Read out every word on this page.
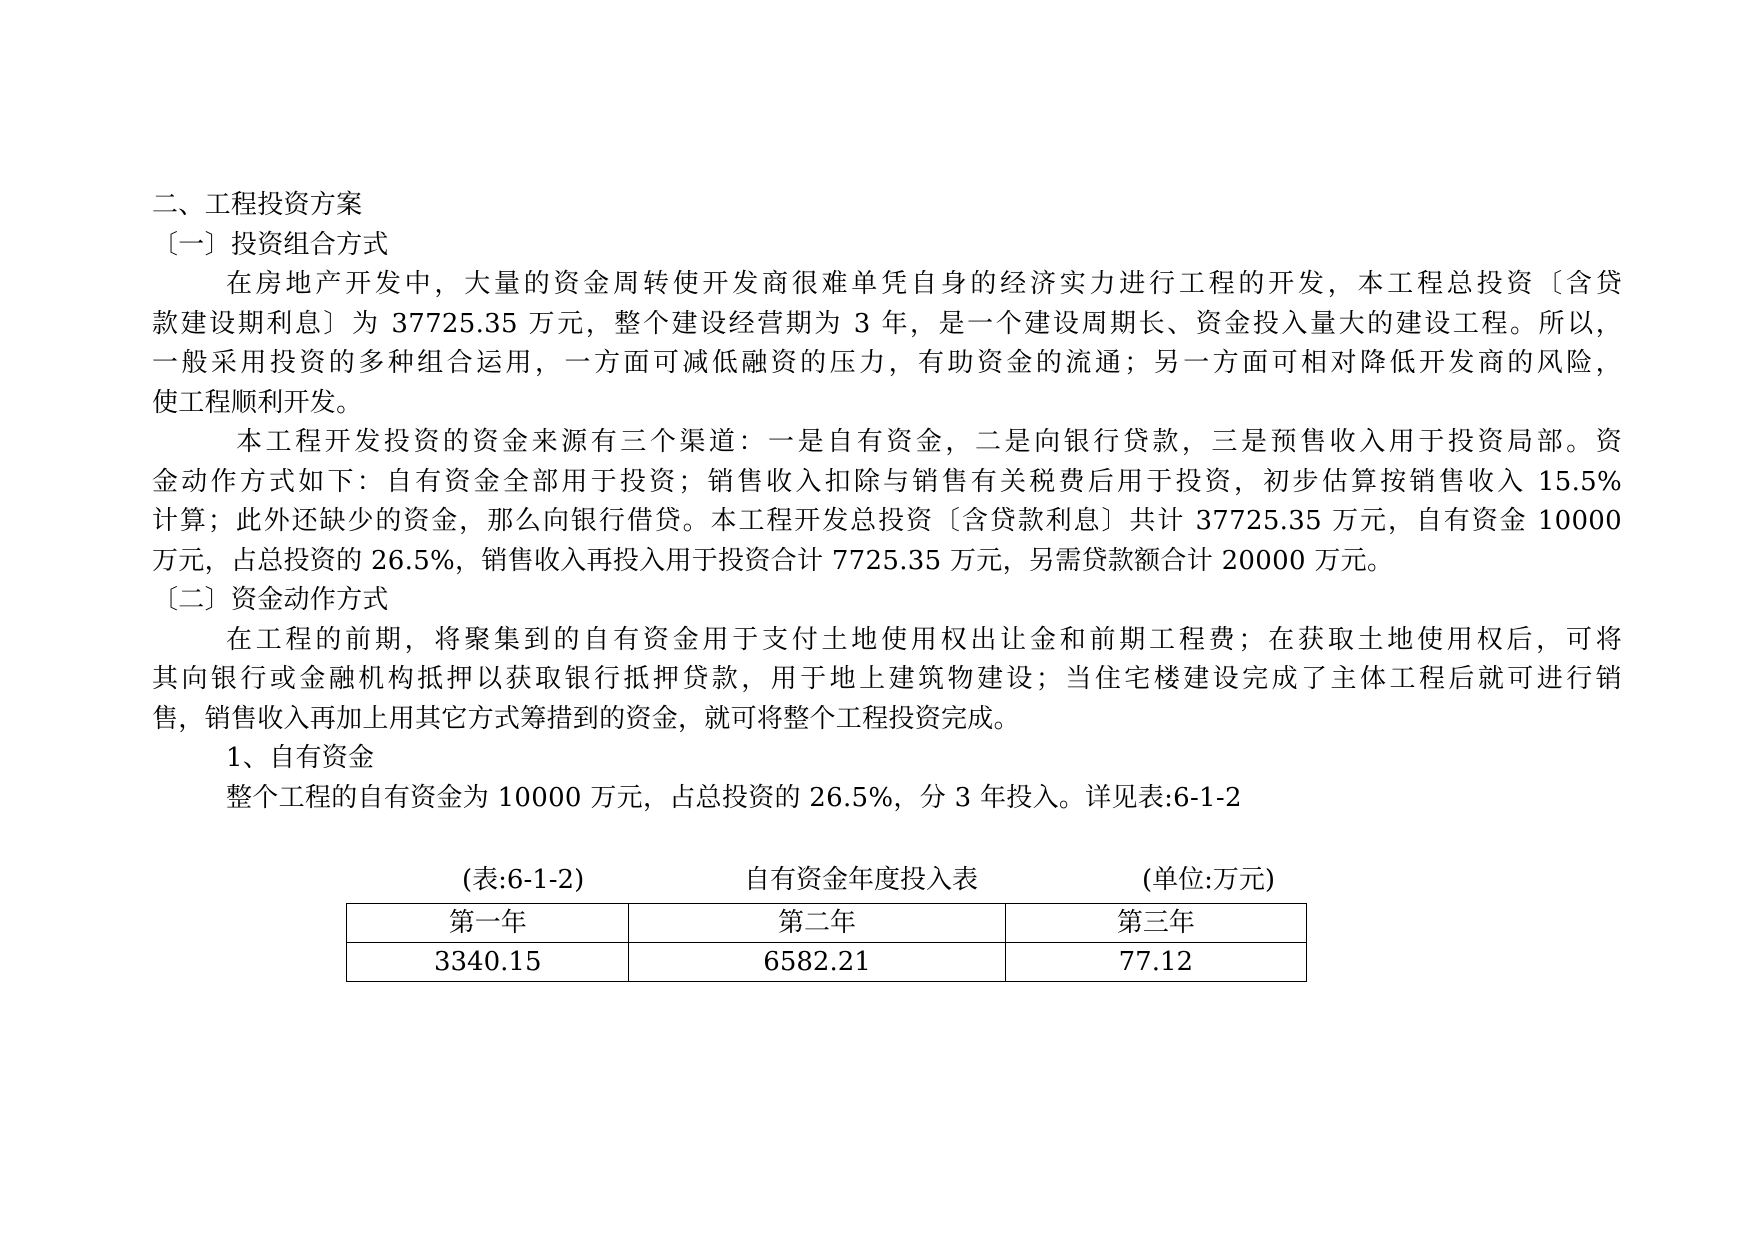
二、工程投资方案
〔一〕投资组合方式
在房地产开发中，大量的资金周转使开发商很难单凭自身的经济实力进行工程的开发，本工程总投资〔含贷
款建设期利息〕为 37725.35 万元，整个建设经营期为 3 年，是一个建设周期长、资金投入量大的建设工程。所以，
一般采用投资的多种组合运用，一方面可减低融资的压力，有助资金的流通；另一方面可相对降低开发商的风险，
使工程顺利开发。
本工程开发投资的资金来源有三个渠道：一是自有资金，二是向银行贷款，三是预售收入用于投资局部。资
金动作方式如下：自有资金全部用于投资；销售收入扣除与销售有关税费后用于投资，初步估算按销售收入 15.5%
计算；此外还缺少的资金，那么向银行借贷。本工程开发总投资〔含贷款利息〕共计 37725.35 万元，自有资金 10000
万元，占总投资的 26.5%，销售收入再投入用于投资合计 7725.35 万元，另需贷款额合计 20000 万元。
〔二〕资金动作方式
在工程的前期，将聚集到的自有资金用于支付土地使用权出让金和前期工程费；在获取土地使用权后，可将
其向银行或金融机构抵押以获取银行抵押贷款，用于地上建筑物建设；当住宅楼建设完成了主体工程后就可进行销
售，销售收入再加上用其它方式筹措到的资金，就可将整个工程投资完成。
1、自有资金
整个工程的自有资金为 10000 万元，占总投资的 26.5%，分 3 年投入。详见表:6-1-2
(表:6-1-2)	自有资金年度投入表	(单位:万元)
第一年	第二年	第三年
3340.15	6582.21	77.12
